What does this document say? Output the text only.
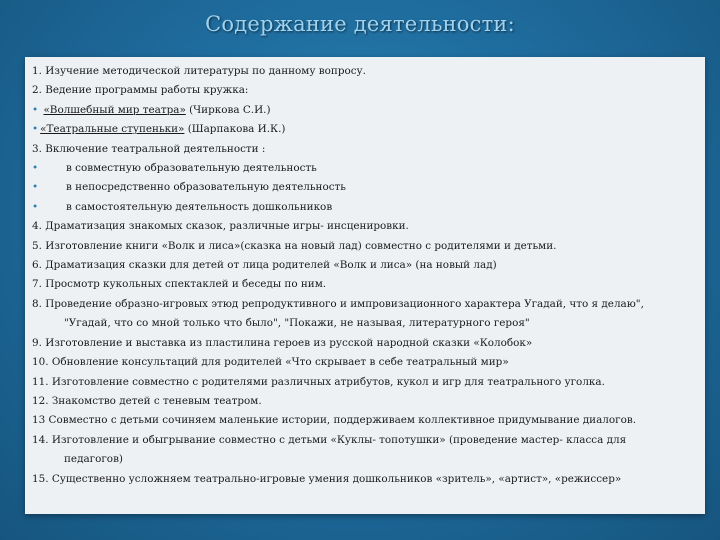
Содержание деятельности:
1. Изучение методической литературы по данному вопросу.
2. Ведение программы работы кружка:
• «Волшебный мир театра» (Чиркова С.И.)
• «Театральные ступеньки» (Шарпакова И.К.)
3. Включение театральной деятельности :
•	в совместную образовательную деятельность
•	в непосредственно образовательную деятельность
•	в самостоятельную деятельность дошкольников
4. Драматизация знакомых сказок, различные игры- инсценировки.
5. Изготовление книги «Волк и лиса»(сказка на новый лад) совместно с родителями и детьми.
6. Драматизация сказки для детей от лица родителей «Волк и лиса» (на новый лад)
7. Просмотр кукольных спектаклей и беседы по ним.
8. Проведение образно-игровых этюд репродуктивного и импровизационного характера Угадай, что я делаю",
"Угадай, что со мной только что было", "Покажи, не называя, литературного героя"
9. Изготовление и выставка из пластилина героев из русской народной сказки «Колобок»
10. Обновление консультаций для родителей «Что скрывает в себе театральный мир»
11. Изготовление совместно с родителями различных атрибутов, кукол и игр для театрального уголка.
12. Знакомство детей с теневым театром.
13 Совместно с детьми сочиняем маленькие истории, поддерживаем коллективное придумывание диалогов.
14. Изготовление и обыгрывание совместно с детьми «Куклы- топотушки» (проведение мастер- класса для
педагогов)
15. Существенно усложняем театрально-игровые умения дошкольников «зритель», «артист», «режиссер»
